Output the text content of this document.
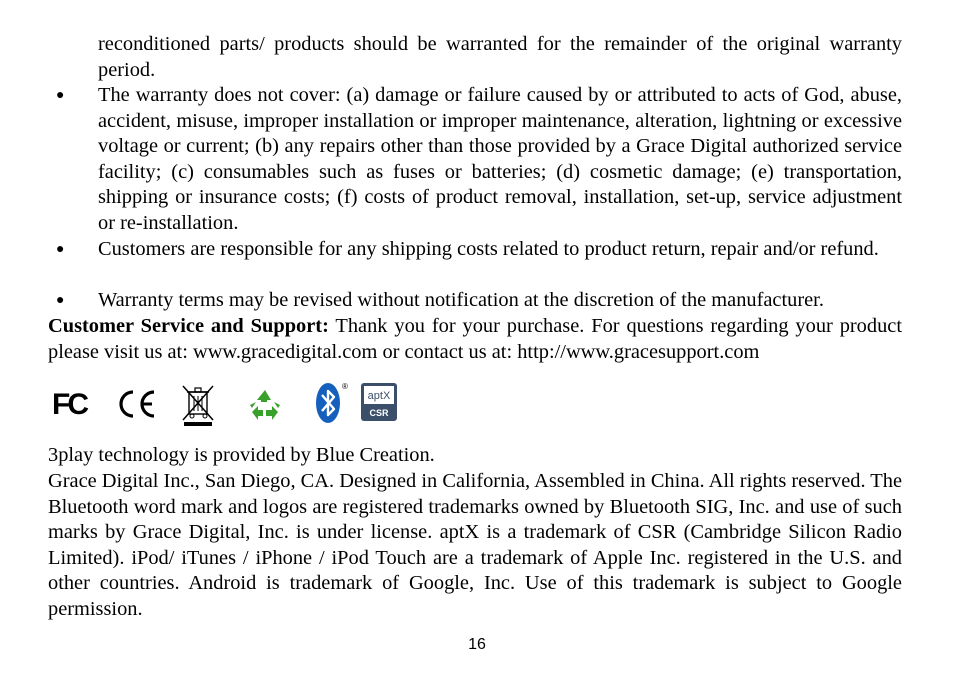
reconditioned parts/ products should be warranted for the remainder of the original warranty period.

●	The warranty does not cover: (a) damage or failure caused by or attributed to acts of God, abuse, accident, misuse, improper installation or improper maintenance, alteration, lightning or excessive voltage or current; (b) any repairs other than those provided by a Grace Digital authorized service facility; (c) consumables such as fuses or batteries; (d) cosmetic damage; (e) transportation, shipping or insurance costs; (f) costs of product removal, installation, set-up, service adjustment or re-installation.

●	Customers are responsible for any shipping costs related to product return, repair and/or refund.

●	Warranty terms may be revised without notification at the discretion of the manufacturer.

Customer Service and Support: Thank you for your purchase. For questions regarding your product please visit us at: www.gracedigital.com or contact us at: http://www.gracesupport.com

FC	CE	®
aptX
CSR

3play technology is provided by Blue Creation.

Grace Digital Inc., San Diego, CA. Designed in California, Assembled in China. All rights reserved. The Bluetooth word mark and logos are registered trademarks owned by Bluetooth SIG, Inc. and use of such marks by Grace Digital, Inc. is under license. aptX is a trademark of CSR (Cambridge Silicon Radio Limited). iPod/ iTunes / iPhone / iPod Touch are a trademark of Apple Inc. registered in the U.S. and other countries. Android is trademark of Google, Inc. Use of this trademark is subject to Google permission.

16
